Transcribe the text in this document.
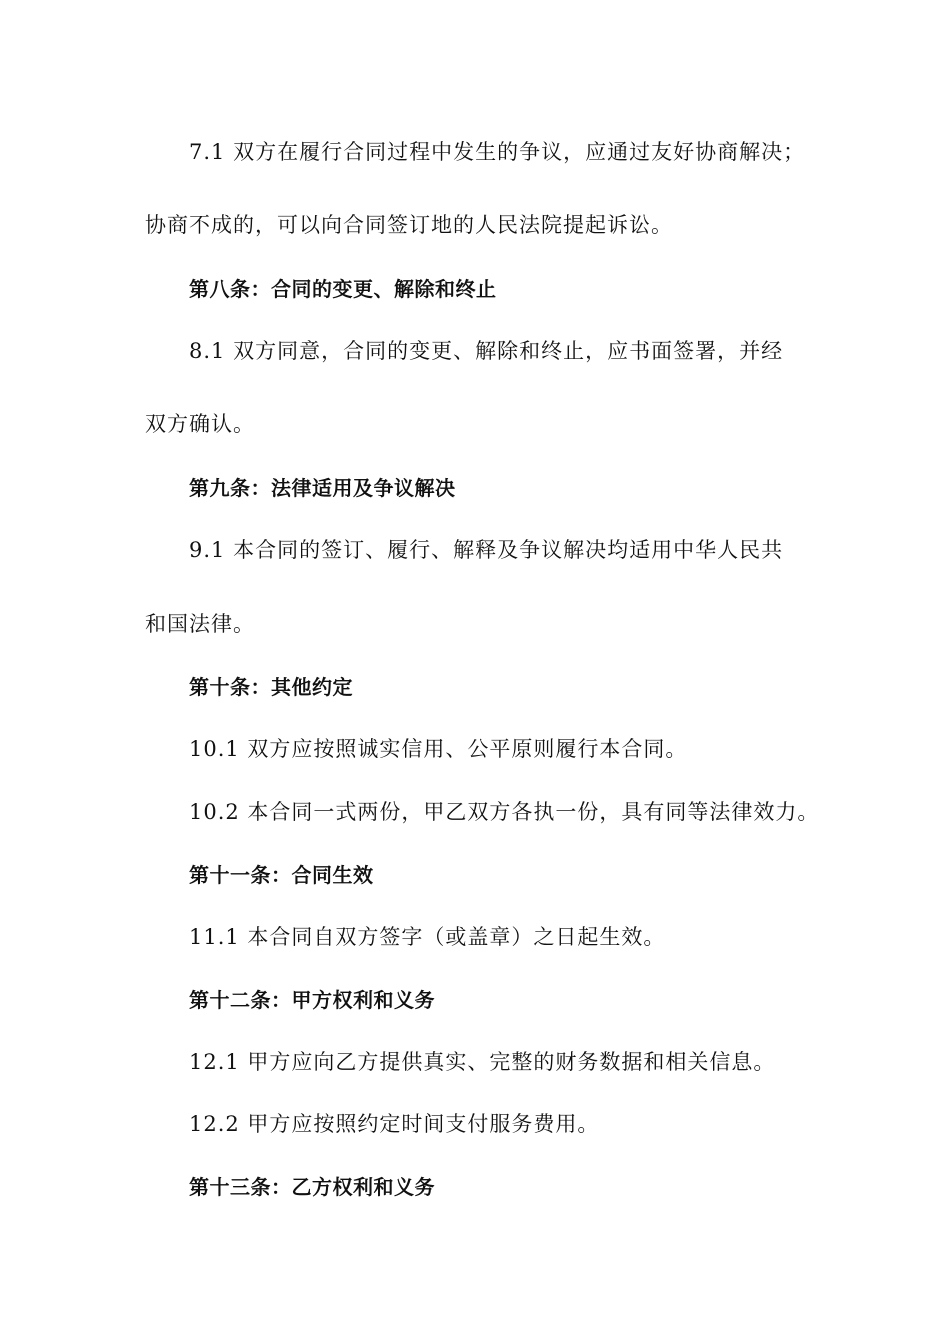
7.1 双方在履行合同过程中发生的争议，应通过友好协商解决；
协商不成的，可以向合同签订地的人民法院提起诉讼。
第八条：合同的变更、解除和终止
8.1 双方同意，合同的变更、解除和终止，应书面签署，并经
双方确认。
第九条：法律适用及争议解决
9.1 本合同的签订、履行、解释及争议解决均适用中华人民共
和国法律。
第十条：其他约定
10.1 双方应按照诚实信用、公平原则履行本合同。
10.2 本合同一式两份，甲乙双方各执一份，具有同等法律效力。
第十一条：合同生效
11.1 本合同自双方签字（或盖章）之日起生效。
第十二条：甲方权利和义务
12.1 甲方应向乙方提供真实、完整的财务数据和相关信息。
12.2 甲方应按照约定时间支付服务费用。
第十三条：乙方权利和义务
